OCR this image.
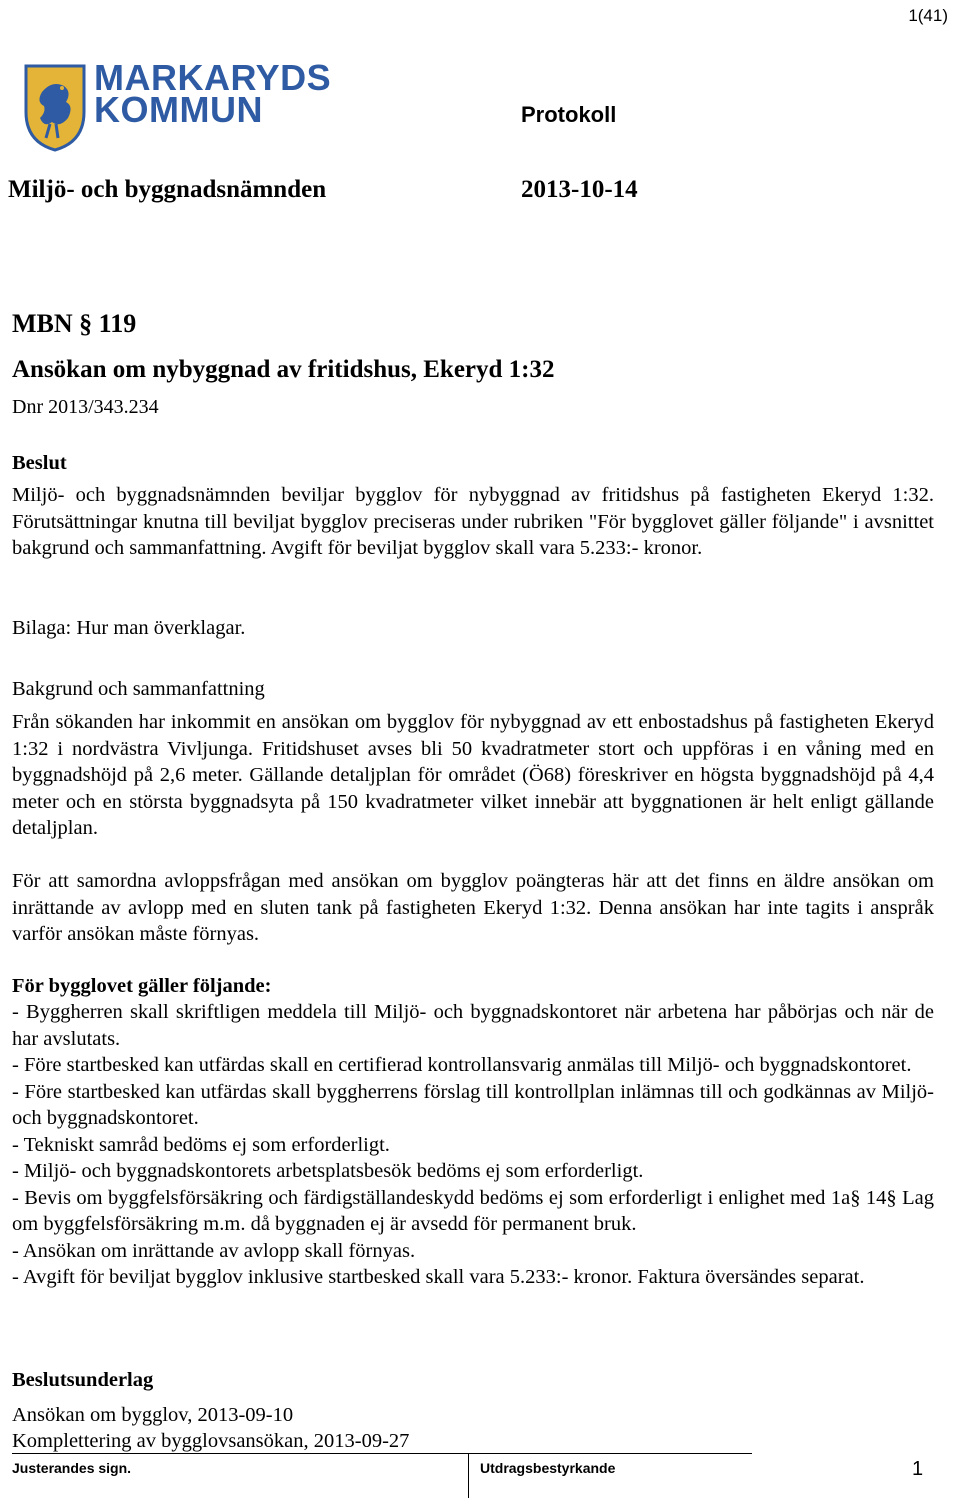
1(41)
MARKARYDS
KOMMUN	Protokoll
Miljö- och byggnadsnämnden	2013-10-14
MBN § 119
Ansökan om nybyggnad av fritidshus, Ekeryd 1:32
Dnr 2013/343.234
Beslut
Miljö- och byggnadsnämnden beviljar bygglov för nybyggnad av fritidshus på fastigheten Ekeryd 1:32. Förutsättningar knutna till beviljat bygglov preciseras under rubriken "För bygglovet gäller följande" i avsnittet bakgrund och sammanfattning. Avgift för beviljat bygglov skall vara 5.233:- kronor.
Bilaga: Hur man överklagar.
Bakgrund och sammanfattning
Från sökanden har inkommit en ansökan om bygglov för nybyggnad av ett enbostadshus på fastigheten Ekeryd 1:32 i nordvästra Vivljunga. Fritidshuset avses bli 50 kvadratmeter stort och uppföras i en våning med en byggnadshöjd på 2,6 meter. Gällande detaljplan för området (Ö68) föreskriver en högsta byggnadshöjd på 4,4 meter och en största byggnadsyta på 150 kvadratmeter vilket innebär att byggnationen är helt enligt gällande detaljplan.
För att samordna avloppsfrågan med ansökan om bygglov poängteras här att det finns en äldre ansökan om inrättande av avlopp med en sluten tank på fastigheten Ekeryd 1:32. Denna ansökan har inte tagits i anspråk varför ansökan måste förnyas.
För bygglovet gäller följande:

- Byggherren skall skriftligen meddela till Miljö- och byggnadskontoret när arbetena har påbörjas och när de har avslutats.

- Före startbesked kan utfärdas skall en certifierad kontrollansvarig anmälas till Miljö- och byggnadskontoret.

- Före startbesked kan utfärdas skall byggherrens förslag till kontrollplan inlämnas till och godkännas av Miljö- och byggnadskontoret.

- Tekniskt samråd bedöms ej som erforderligt.

- Miljö- och byggnadskontorets arbetsplatsbesök bedöms ej som erforderligt.

- Bevis om byggfelsförsäkring och färdigställandeskydd bedöms ej som erforderligt i enlighet med 1a§ 14§ Lag om byggfelsförsäkring m.m. då byggnaden ej är avsedd för permanent bruk.

- Ansökan om inrättande av avlopp skall förnyas.

- Avgift för beviljat bygglov inklusive startbesked skall vara 5.233:- kronor. Faktura översändes separat.

Beslutsunderlag

Ansökan om bygglov, 2013-09-10

Komplettering av bygglovsansökan, 2013-09-27

Justerandes sign.	Utdragsbestyrkande	1
